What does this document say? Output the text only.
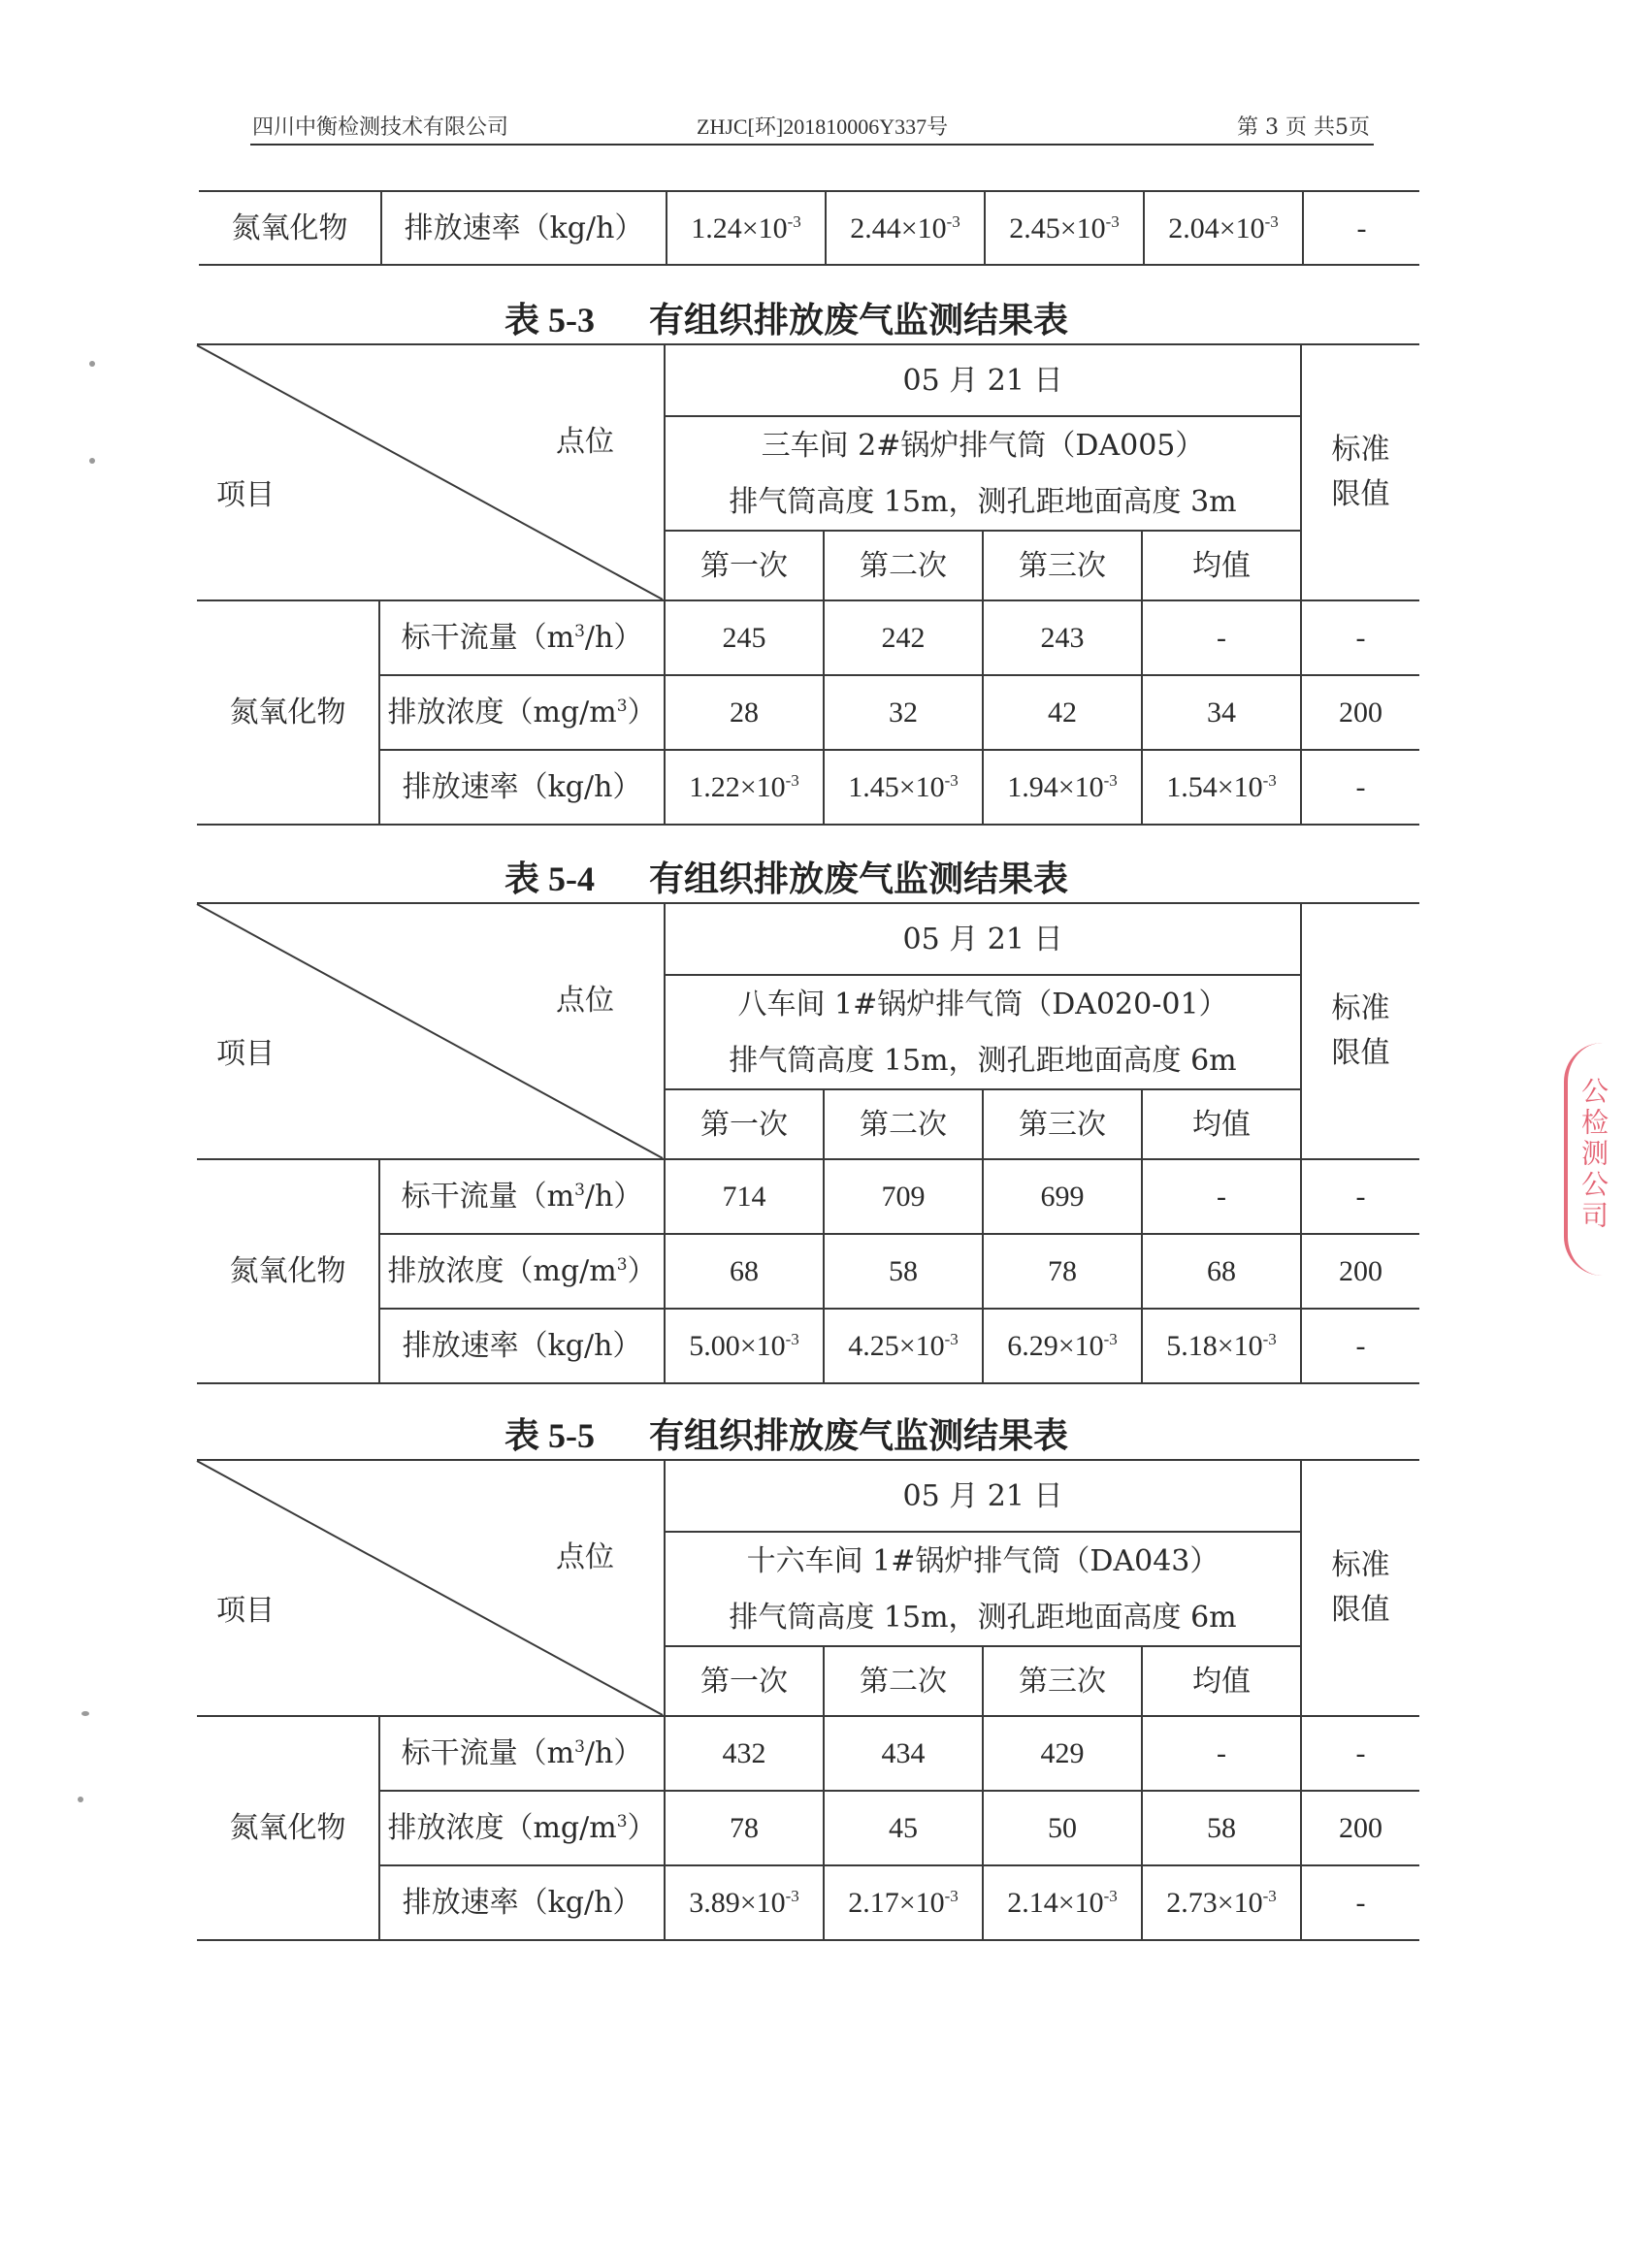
四川中衡检测技术有限公司	ZHJC[环]201810006Y337号	第 3 页 共5页
氮氧化物	排放速率（kg/h）	$1.24\times 10^{-3}$	$2.44\times 10^{-3}$	$2.45\times 10^{-3}$	$2.04\times 10^{-3}$	-
表 5-3 有组织排放废气监测结果表
点位
项目		05 月 21 日				标准限值
		三车间 2#锅炉排气筒（DA005）				
		排气筒高度 15m，测孔距地面高度 3m				
		第一次	第二次	第三次	均值	
氮氧化物	标干流量$(m^3/h)$	245	242	243	-	-
	排放浓度$(mg/m^3)$	28	32	42	34	200
	排放速率（kg/h）	$1.22\times 10^{-3}$	$1.45\times 10^{-3}$	$1.94\times 10^{-3}$	$1.54\times 10^{-3}$	-
表 5-4 有组织排放废气监测结果表
点位
项目		05 月 21 日				标准限值
		八车间 1#锅炉排气筒（DA020-01）				
		排气筒高度 15m，测孔距地面高度 6m				
		第一次	第二次	第三次	均值	
氮氧化物	标干流量$(m^3/h)$	714	709	699	-	-
	排放浓度$(mg/m^3)$	68	58	78	68	200
	排放速率（kg/h）	$5.00\times 10^{-3}$	$4.25\times 10^{-3}$	$6.29\times 10^{-3}$	$5.18\times 10^{-3}$	-
表 5-5 有组织排放废气监测结果表
点位
项目		05 月 21 日				标准限值
		十六车间 1#锅炉排气筒（DA043）				
		排气筒高度 15m，测孔距地面高度 6m				
		第一次	第二次	第三次	均值	
氮氧化物	标干流量$(m^3/h)$	432	434	429	-	-
	排放浓度$(mg/m^3)$	78	45	50	58	200
	排放速率（kg/h）	$3.89\times 10^{-3}$	$2.17\times 10^{-3}$	$2.14\times 10^{-3}$	$2.73\times 10^{-3}$	-
公检测公司
